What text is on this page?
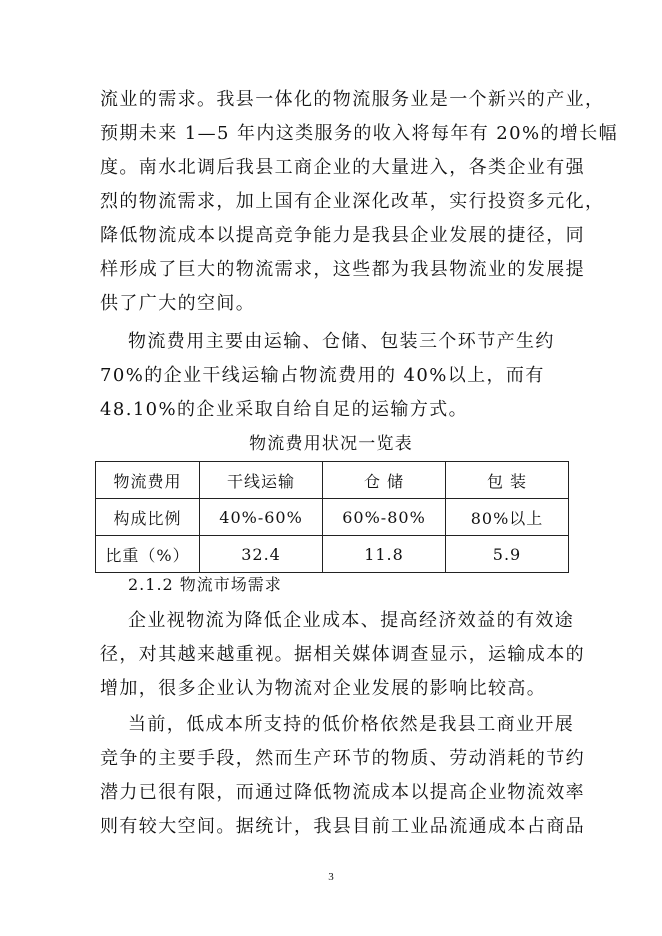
流业的需求。我县一体化的物流服务业是一个新兴的产业，
预期未来 1—5 年内这类服务的收入将每年有 20%的增长幅
度。南水北调后我县工商企业的大量进入，各类企业有强
烈的物流需求，加上国有企业深化改革，实行投资多元化，
降低物流成本以提高竞争能力是我县企业发展的捷径，同
样形成了巨大的物流需求，这些都为我县物流业的发展提
供了广大的空间。
物流费用主要由运输、仓储、包装三个环节产生约
70%的企业干线运输占物流费用的 40%以上，而有
48.10%的企业采取自给自足的运输方式。
物流费用状况一览表
物流费用	干线运输	仓 储	包 装
构成比例	40%-60%	60%-80%	80%以上
比重（%）	32.4	11.8	5.9
2.1.2 物流市场需求
企业视物流为降低企业成本、提高经济效益的有效途
径，对其越来越重视。据相关媒体调查显示，运输成本的
增加，很多企业认为物流对企业发展的影响比较高。
当前，低成本所支持的低价格依然是我县工商业开展
竞争的主要手段，然而生产环节的物质、劳动消耗的节约
潜力已很有限，而通过降低物流成本以提高企业物流效率
则有较大空间。据统计，我县目前工业品流通成本占商品
3
